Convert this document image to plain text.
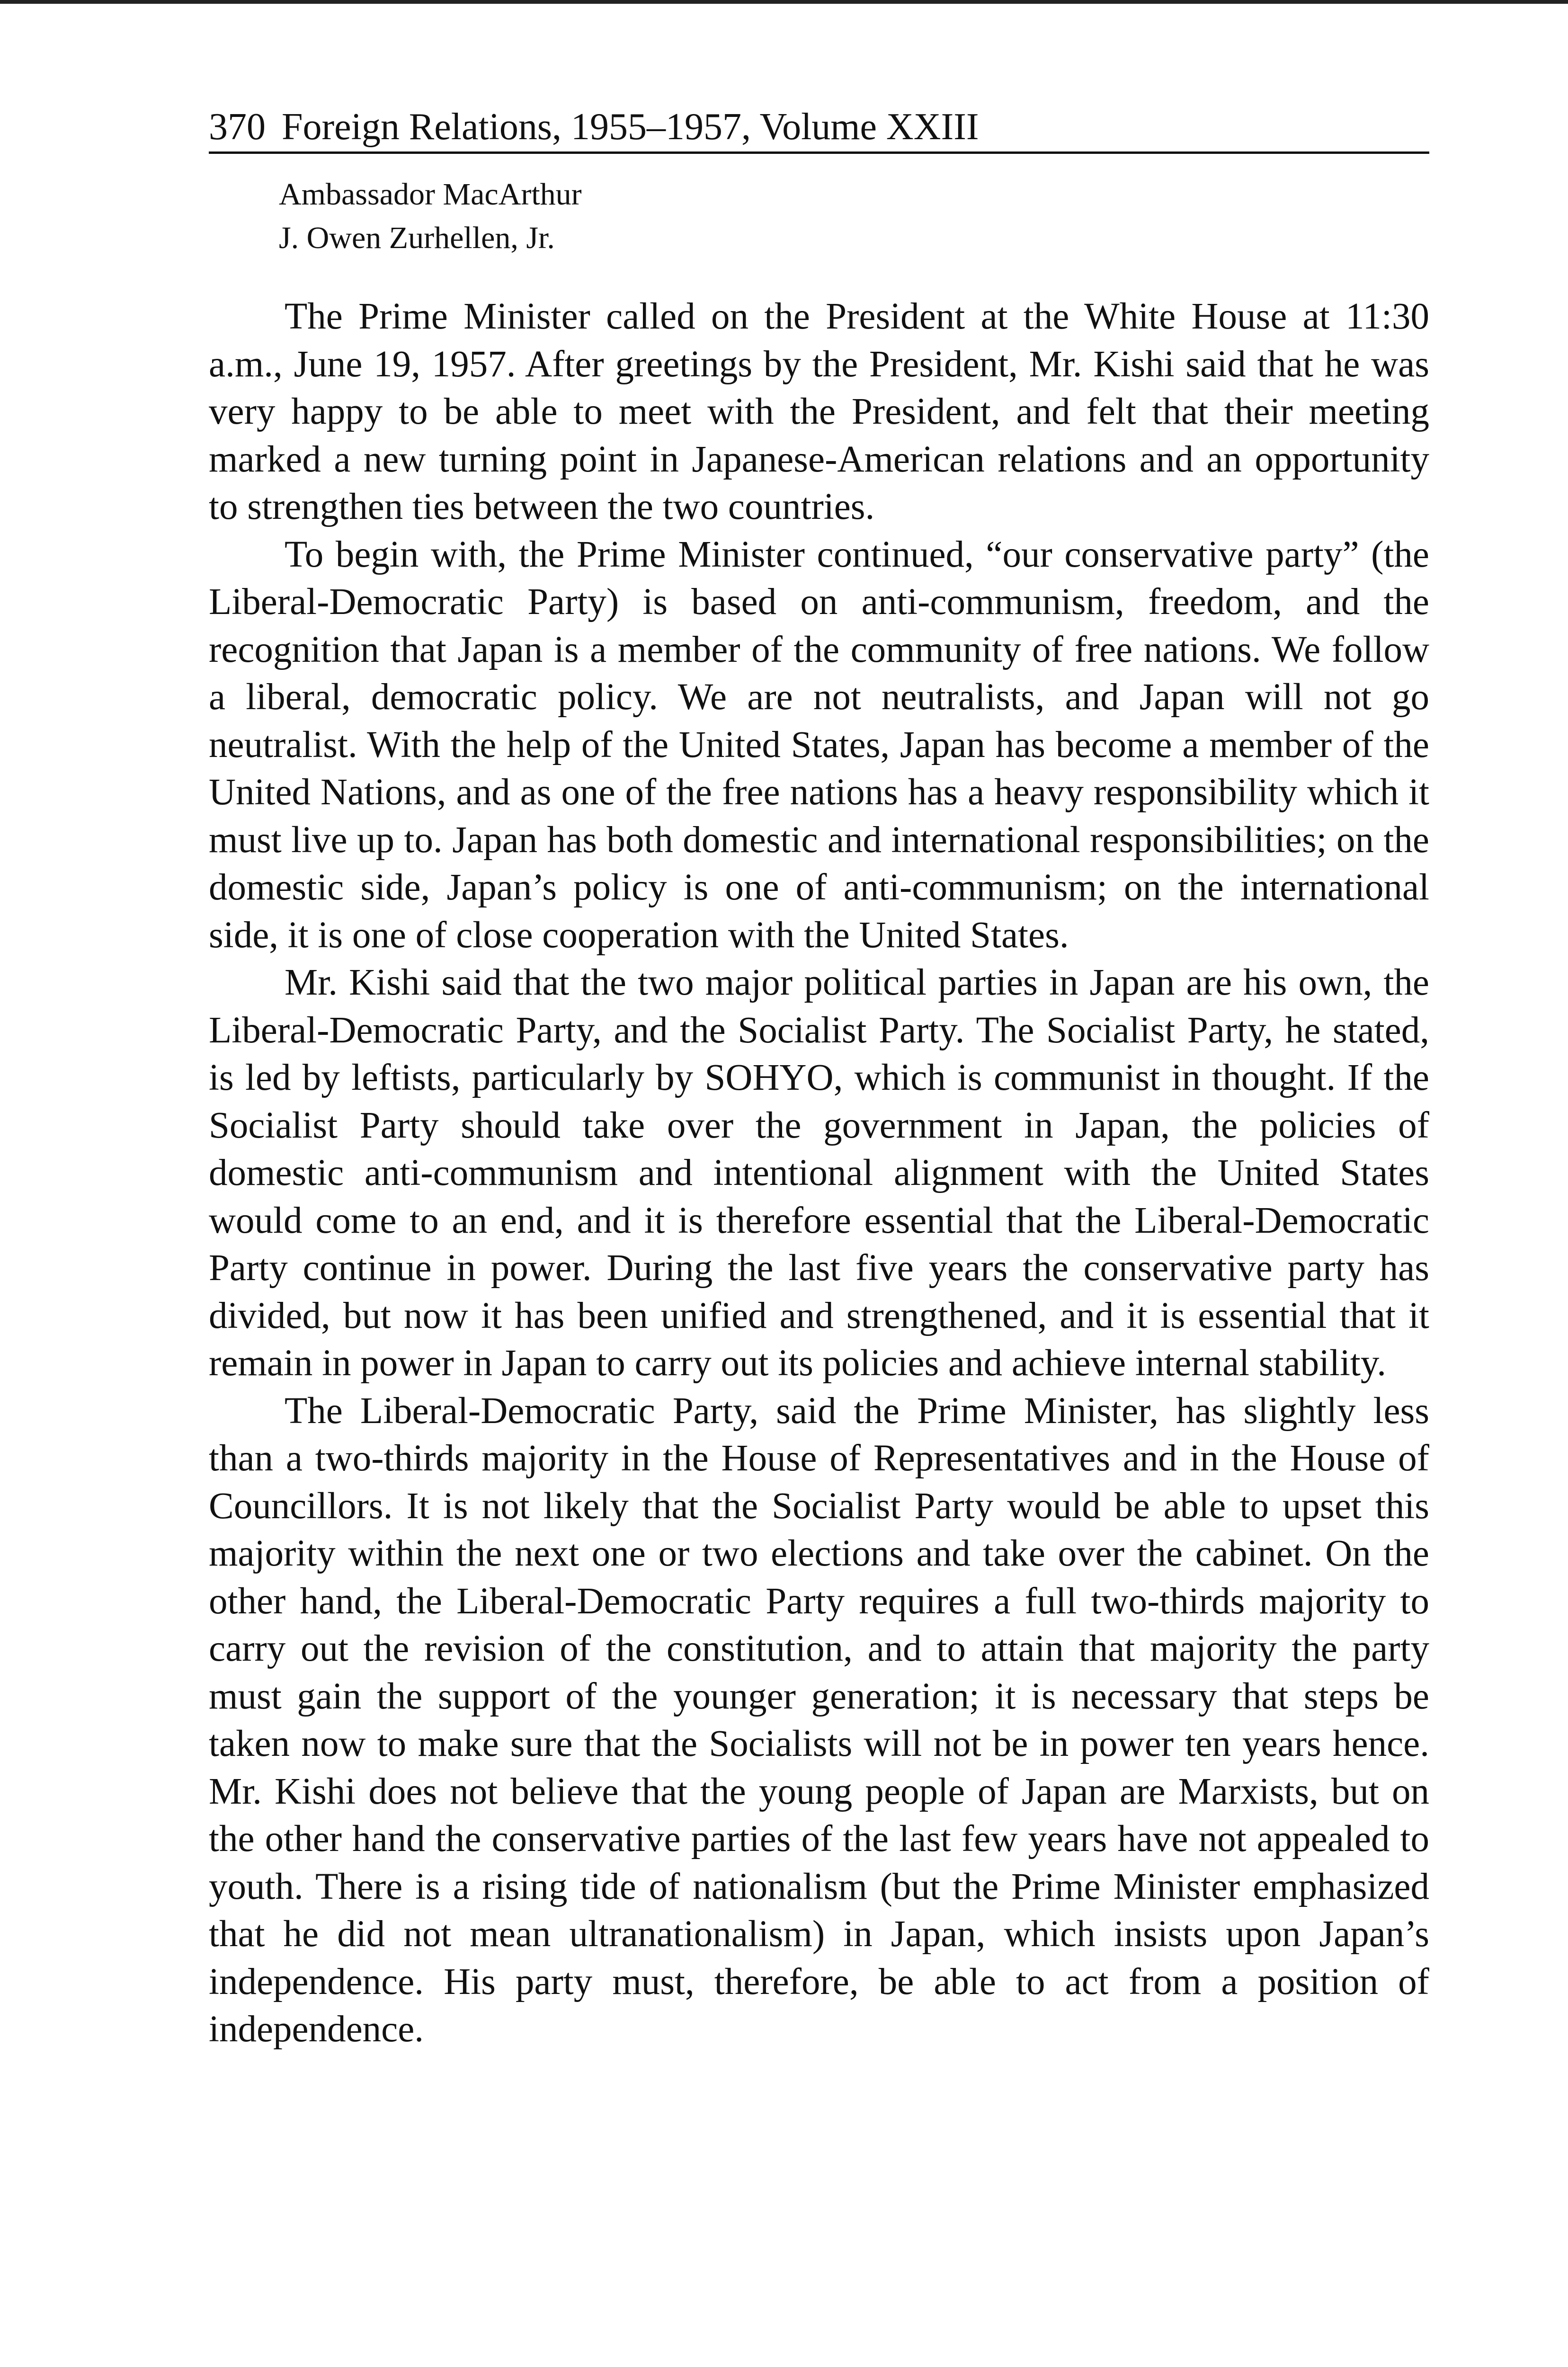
370 Foreign Relations, 1955–1957, Volume XXIII
Ambassador MacArthur
J. Owen Zurhellen, Jr.

The Prime Minister called on the President at the White House at 11:30 a.m., June 19, 1957. After greetings by the President, Mr. Kishi said that he was very happy to be able to meet with the President, and felt that their meeting marked a new turning point in Japanese-American relations and an opportunity to strengthen ties between the two countries.

To begin with, the Prime Minister continued, “our conservative party” (the Liberal-Democratic Party) is based on anti-communism, freedom, and the recognition that Japan is a member of the community of free nations. We follow a liberal, democratic policy. We are not neutralists, and Japan will not go neutralist. With the help of the United States, Japan has become a member of the United Nations, and as one of the free nations has a heavy responsibility which it must live up to. Japan has both domestic and international responsibilities; on the domestic side, Japan’s policy is one of anti-communism; on the international side, it is one of close cooperation with the United States.

Mr. Kishi said that the two major political parties in Japan are his own, the Liberal-Democratic Party, and the Socialist Party. The Socialist Party, he stated, is led by leftists, particularly by SOHYO, which is communist in thought. If the Socialist Party should take over the government in Japan, the policies of domestic anti-communism and intentional alignment with the United States would come to an end, and it is therefore essential that the Liberal-Democratic Party continue in power. During the last five years the conservative party has divided, but now it has been unified and strengthened, and it is essential that it remain in power in Japan to carry out its policies and achieve internal stability.

The Liberal-Democratic Party, said the Prime Minister, has slightly less than a two-thirds majority in the House of Representatives and in the House of Councillors. It is not likely that the Socialist Party would be able to upset this majority within the next one or two elections and take over the cabinet. On the other hand, the Liberal-Democratic Party requires a full two-thirds majority to carry out the revision of the constitution, and to attain that majority the party must gain the support of the younger generation; it is necessary that steps be taken now to make sure that the Socialists will not be in power ten years hence. Mr. Kishi does not believe that the young people of Japan are Marxists, but on the other hand the conservative parties of the last few years have not appealed to youth. There is a rising tide of nationalism (but the Prime Minister emphasized that he did not mean ultranationalism) in Japan, which insists upon Japan’s independence. His party must, therefore, be able to act from a position of independence.
